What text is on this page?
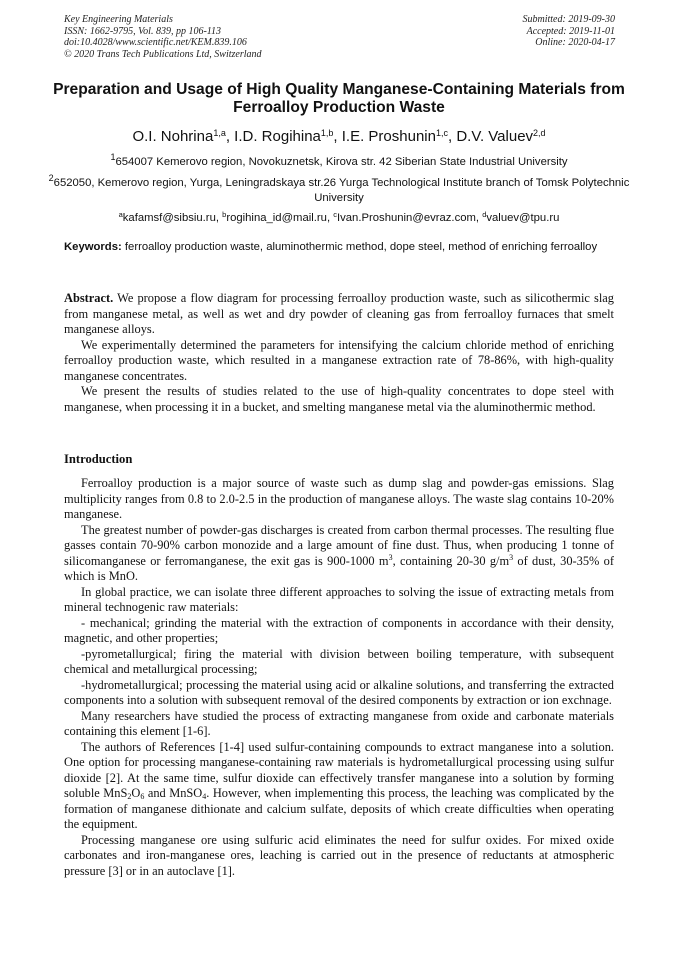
Key Engineering Materials
ISSN: 1662-9795, Vol. 839, pp 106-113
doi:10.4028/www.scientific.net/KEM.839.106
© 2020 Trans Tech Publications Ltd, Switzerland
Submitted: 2019-09-30
Accepted: 2019-11-01
Online: 2020-04-17
Preparation and Usage of High Quality Manganese-Containing Materials from Ferroalloy Production Waste
O.I. Nohrina$^{1,a}$, I.D. Rogihina$^{1,b}$, I.E. Proshunin$^{1,c}$, D.V. Valuev$^{2,d}$
$^1$654007 Kemerovo region, Novokuznetsk, Kirova str. 42 Siberian State Industrial University
$^2$652050, Kemerovo region, Yurga, Leningradskaya str.26 Yurga Technological Institute branch of Tomsk Polytechnic University
$^a$kafamsf@sibsiu.ru, $^b$rogihina_id@mail.ru, $^c$Ivan.Proshunin@evraz.com, $^d$valuev@tpu.ru
Keywords: ferroalloy production waste, aluminothermic method, dope steel, method of enriching ferroalloy

Abstract. We propose a flow diagram for processing ferroalloy production waste, such as silicothermic slag from manganese metal, as well as wet and dry powder of cleaning gas from ferroalloy furnaces that smelt manganese alloys.

We experimentally determined the parameters for intensifying the calcium chloride method of enriching ferroalloy production waste, which resulted in a manganese extraction rate of 78-86%, with high-quality manganese concentrates.

We present the results of studies related to the use of high-quality concentrates to dope steel with manganese, when processing it in a bucket, and smelting manganese metal via the aluminothermic method.

Introduction

Ferroalloy production is a major source of waste such as dump slag and powder-gas emissions. Slag multiplicity ranges from 0.8 to 2.0-2.5 in the production of manganese alloys. The waste slag contains 10-20% manganese.

The greatest number of powder-gas discharges is created from carbon thermal processes. The resulting flue gasses contain 70-90% carbon monozide and a large amount of fine dust. Thus, when producing 1 tonne of silicomanganese or ferromanganese, the exit gas is 900-1000 $m^3$, containing 20-30 $g/m^3$ of dust, 30-35% of which is MnO.

In global practice, we can isolate three different approaches to solving the issue of extracting metals from mineral technogenic raw materials:

- mechanical; grinding the material with the extraction of components in accordance with their density, magnetic, and other properties;

-pyrometallurgical; firing the material with division between boiling temperature, with subsequent chemical and metallurgical processing;

-hydrometallurgical; processing the material using acid or alkaline solutions, and transferring the extracted components into a solution with subsequent removal of the desired components by extraction or ion exchnage.

Many researchers have studied the process of extracting manganese from oxide and carbonate materials containing this element [1-6].

The authors of References [1-4] used sulfur-containing compounds to extract manganese into a solution. One option for processing manganese-containing raw materials is hydrometallurgical processing using sulfur dioxide [2]. At the same time, sulfur dioxide can effectively transfer manganese into a solution by forming soluble $MnS_2O_6$ and MnSO$_4$. However, when implementing this process, the leaching was complicated by the formation of manganese dithionate and calcium sulfate, deposits of which create difficulties when operating the equipment.

Processing manganese ore using sulfuric acid eliminates the need for sulfur oxides. For mixed oxide carbonates and iron-manganese ores, leaching is carried out in the presence of reductants at atmospheric pressure [3] or in an autoclave [1].
